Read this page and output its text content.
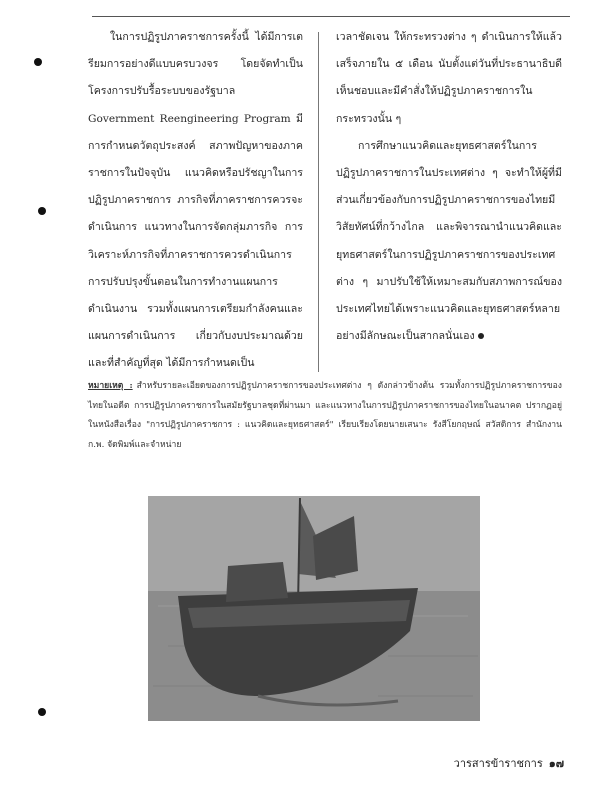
ในการปฏิรูปภาคราชการครั้งนี้ ได้มีการเตรียมการอย่างดีแบบครบวงจร โดยจัดทำเป็นโครงการปรับรื้อระบบของรัฐบาล Government Reengineering Program มีการกำหนดวัตถุประสงค์ สภาพปัญหาของภาคราชการในปัจจุบัน แนวคิดหรือปรัชญาในการปฏิรูปภาคราชการ ภารกิจที่ภาคราชการควรจะดำเนินการ แนวทางในการจัดกลุ่มภารกิจ การวิเคราะห์ภารกิจที่ภาคราชการควรดำเนินการ การปรับปรุงขั้นตอนในการทำงานแผนการดำเนินงาน รวมทั้งแผนการเตรียมกำลังคนและแผนการดำเนินการ เกี่ยวกับงบประมาณด้วย และที่สำคัญที่สุด ได้มีการกำหนดเป็น

เวลาชัดเจน ให้กระทรวงต่าง ๆ ดำเนินการให้แล้วเสร็จภายใน ๕ เดือน นับตั้งแต่วันที่ประธานาธิบดีเห็นชอบและมีคำสั่งให้ปฏิรูปภาคราชการในกระทรวงนั้น ๆ

การศึกษาแนวคิดและยุทธศาสตร์ในการปฏิรูปภาคราชการในประเทศต่าง ๆ จะทำให้ผู้ที่มีส่วนเกี่ยวข้องกับการปฏิรูปภาคราชการของไทยมีวิสัยทัศน์ที่กว้างไกล และพิจารณานำแนวคิดและยุทธศาสตร์ในการปฏิรูปภาคราชการของประเทศต่าง ๆ มาปรับใช้ให้เหมาะสมกับสภาพการณ์ของประเทศไทยได้เพราะแนวคิดและยุทธศาสตร์หลายอย่างมีลักษณะเป็นสากลนั่นเอง

หมายเหตุ : สำหรับรายละเอียดของการปฏิรูปภาคราชการของประเทศต่าง ๆ ดังกล่าวข้างต้น รวมทั้งการปฏิรูปภาคราชการของไทยในอดีต การปฏิรูปภาคราชการในสมัยรัฐบาลชุดที่ผ่านมา และแนวทางในการปฏิรูปภาคราชการของไทยในอนาคต ปรากฏอยู่ในหนังสือเรื่อง "การปฏิรูปภาคราชการ : แนวคิดและยุทธศาสตร์" เรียบเรียงโดยนายเสนาะ รังสีโยกฤษณ์ สวัสดิการ สำนักงาน ก.พ. จัดพิมพ์และจำหน่าย
วารสารข้าราชการ ๑๗
